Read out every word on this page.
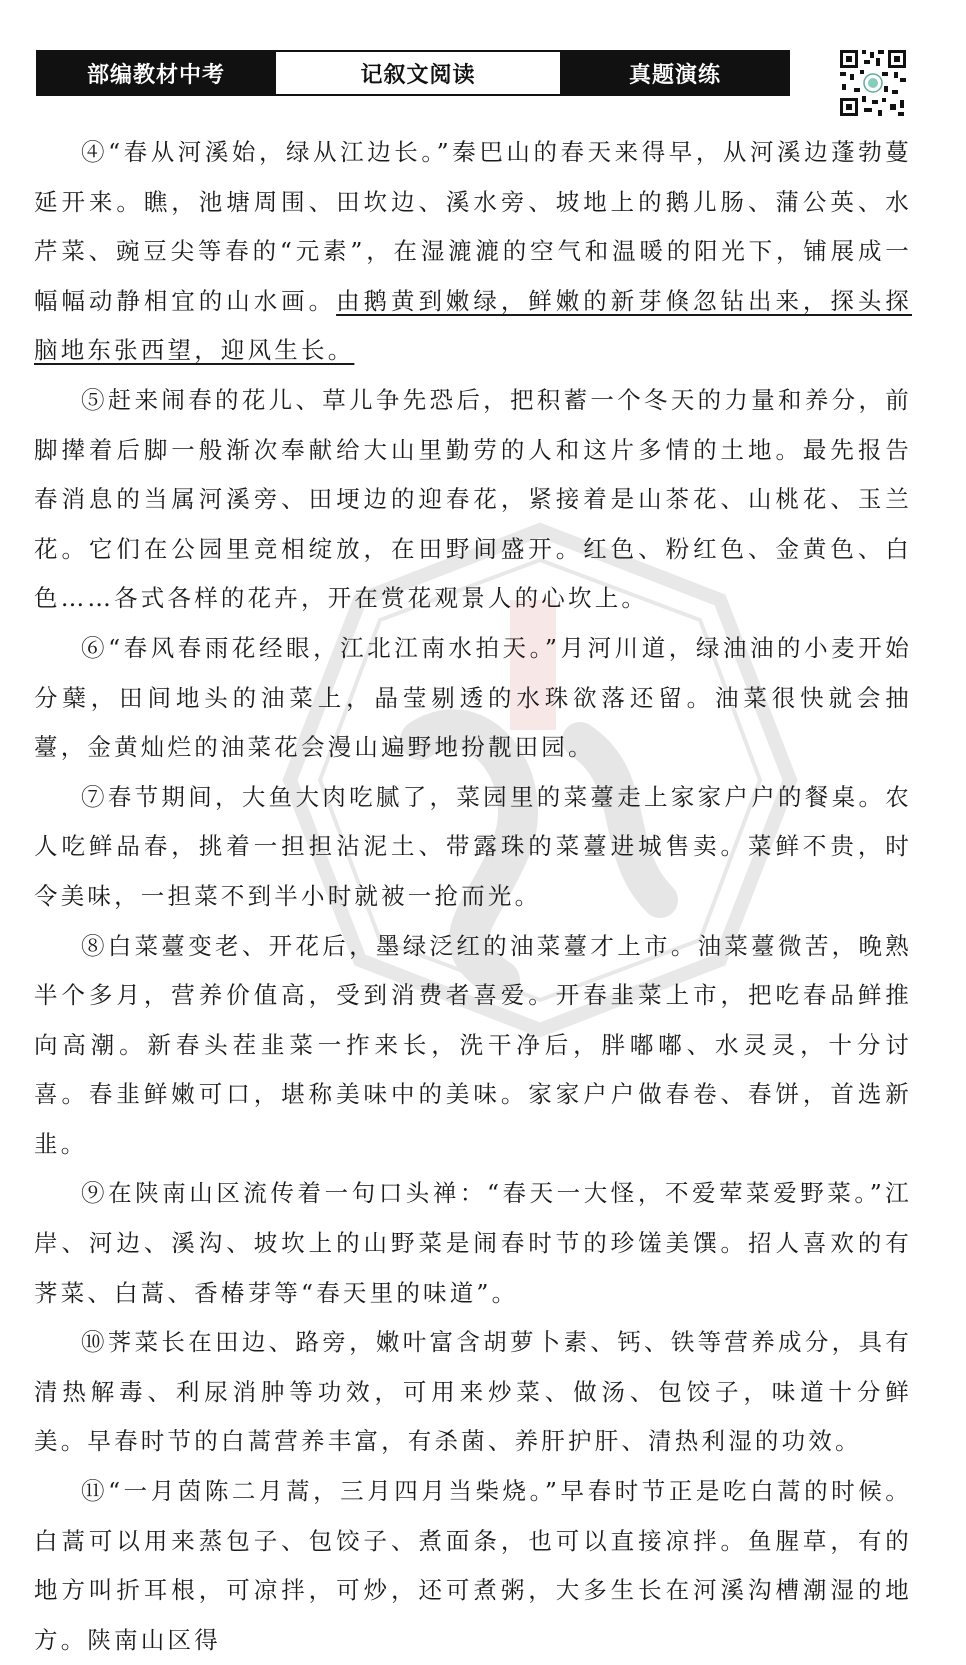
部编教材中考	记叙文阅读	真题演练

④“春从河溪始，绿从江边长。”秦巴山的春天来得早，从河溪边蓬勃蔓延开来。瞧，池塘周围、田坎边、溪水旁、坡地上的鹅儿肠、蒲公英、水芹菜、豌豆尖等春的“元素”，在湿漉漉的空气和温暖的阳光下，铺展成一幅幅动静相宜的山水画。由鹅黄到嫩绿，鲜嫩的新芽倏忽钻出来，探头探脑地东张西望，迎风生长。

⑤赶来闹春的花儿、草儿争先恐后，把积蓄一个冬天的力量和养分，前脚撵着后脚一般渐次奉献给大山里勤劳的人和这片多情的土地。最先报告春消息的当属河溪旁、田埂边的迎春花，紧接着是山茶花、山桃花、玉兰花。它们在公园里竞相绽放，在田野间盛开。红色、粉红色、金黄色、白色……各式各样的花卉，开在赏花观景人的心坎上。

⑥“春风春雨花经眼，江北江南水拍天。”月河川道，绿油油的小麦开始分蘖，田间地头的油菜上，晶莹剔透的水珠欲落还留。油菜很快就会抽薹，金黄灿烂的油菜花会漫山遍野地扮靓田园。

⑦春节期间，大鱼大肉吃腻了，菜园里的菜薹走上家家户户的餐桌。农人吃鲜品春，挑着一担担沾泥土、带露珠的菜薹进城售卖。菜鲜不贵，时令美味，一担菜不到半小时就被一抢而光。

⑧白菜薹变老、开花后，墨绿泛红的油菜薹才上市。油菜薹微苦，晚熟半个多月，营养价值高，受到消费者喜爱。开春韭菜上市，把吃春品鲜推向高潮。新春头茬韭菜一拃来长，洗干净后，胖嘟嘟、水灵灵，十分讨喜。春韭鲜嫩可口，堪称美味中的美味。家家户户做春卷、春饼，首选新韭。

⑨在陕南山区流传着一句口头禅：“春天一大怪，不爱荤菜爱野菜。”江岸、河边、溪沟、坡坎上的山野菜是闹春时节的珍馐美馔。招人喜欢的有荠菜、白蒿、香椿芽等“春天里的味道”。

⑩荠菜长在田边、路旁，嫩叶富含胡萝卜素、钙、铁等营养成分，具有清热解毒、利尿消肿等功效，可用来炒菜、做汤、包饺子，味道十分鲜美。早春时节的白蒿营养丰富，有杀菌、养肝护肝、清热利湿的功效。

⑪“一月茵陈二月蒿，三月四月当柴烧。”早春时节正是吃白蒿的时候。白蒿可以用来蒸包子、包饺子、煮面条，也可以直接凉拌。鱼腥草，有的地方叫折耳根，可凉拌，可炒，还可煮粥，大多生长在河溪沟槽潮湿的地方。陕南山区得
